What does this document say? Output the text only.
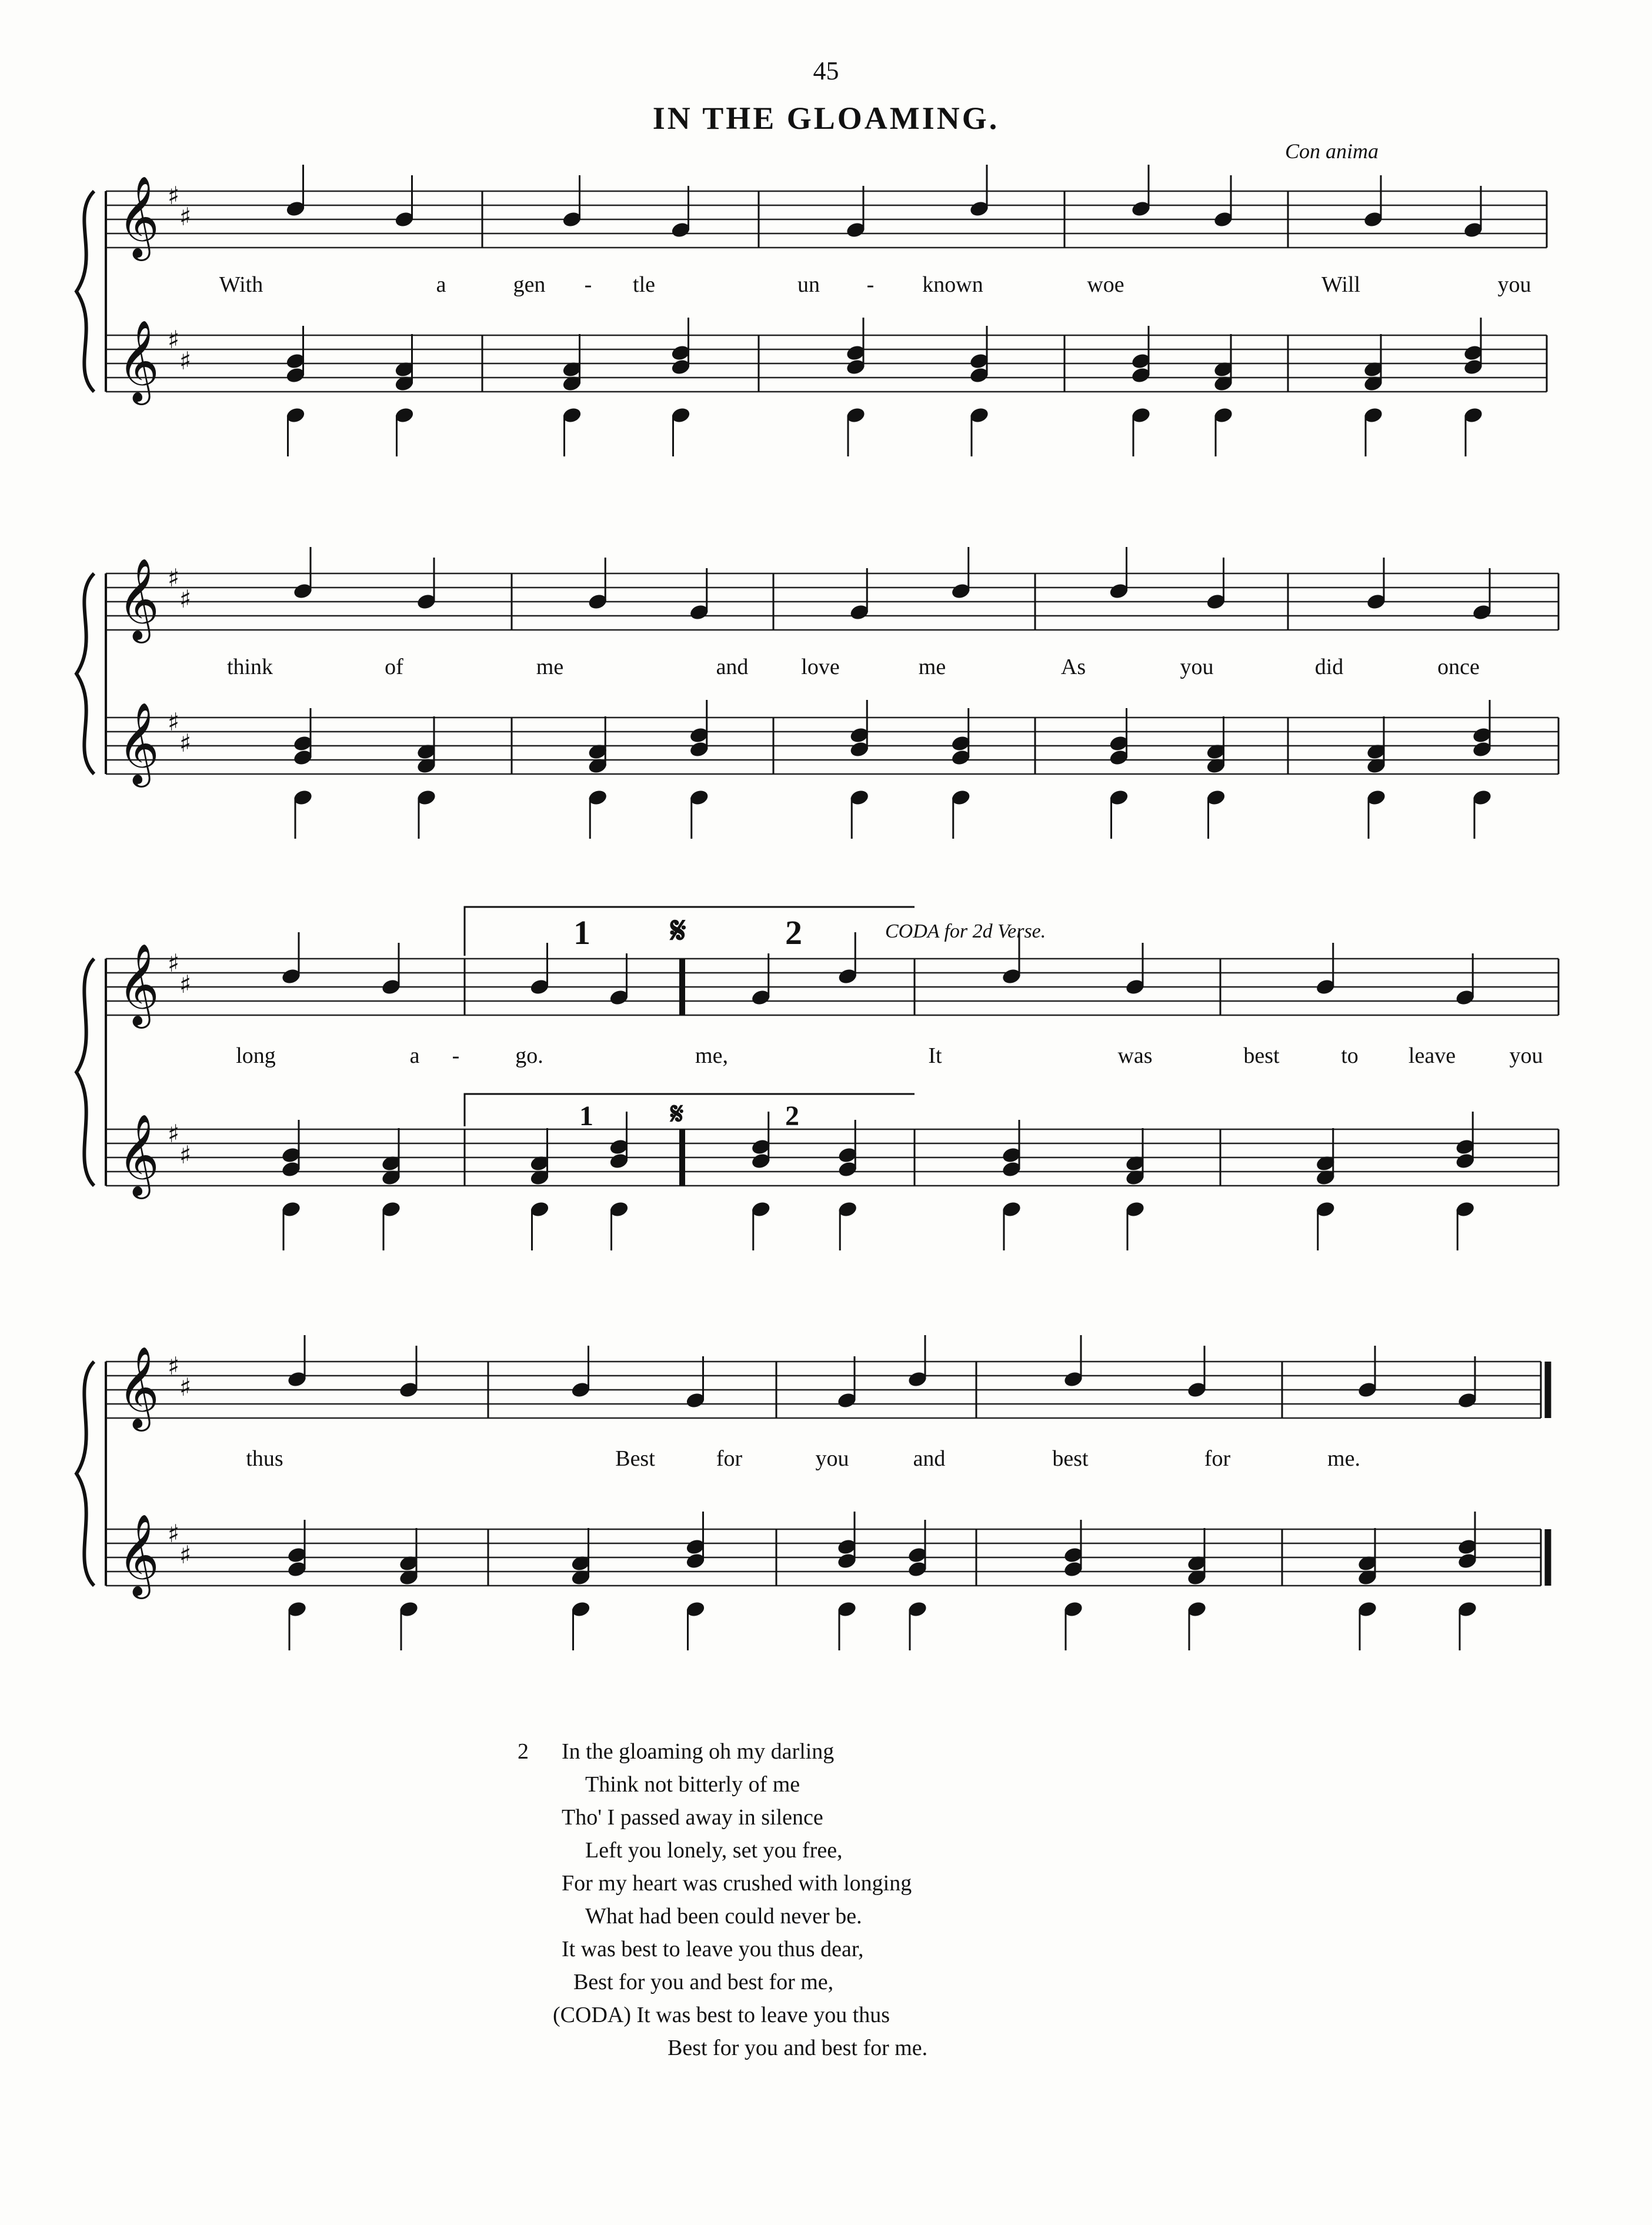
45
IN THE GLOAMING.
Con anima
𝄞 ♯
♯
𝄞 ♯
♯
With	a	gen - tle	un - known	woe	Will	you
𝄞 ♯
♯
𝄞 ♯
♯
think	of	me	and love	me	As	you	did	once
𝄞 ♯
♯
𝄞 ♯
♯
1 𝄋	2	CODA for 2d Verse.
1	𝄋	2
long	a - go.	me,	It	was	best	to leave you
𝄞 ♯
♯
𝄞 ♯
♯
thus	Best	for	you	and	best	for	me.
2 In the gloaming oh my darling
Think not bitterly of me
Tho' I passed away in silence
Left you lonely, set you free,
For my heart was crushed with longing
What had been could never be.
It was best to leave you thus dear,
Best for you and best for me,
(CODA) It was best to leave you thus
Best for you and best for me.
